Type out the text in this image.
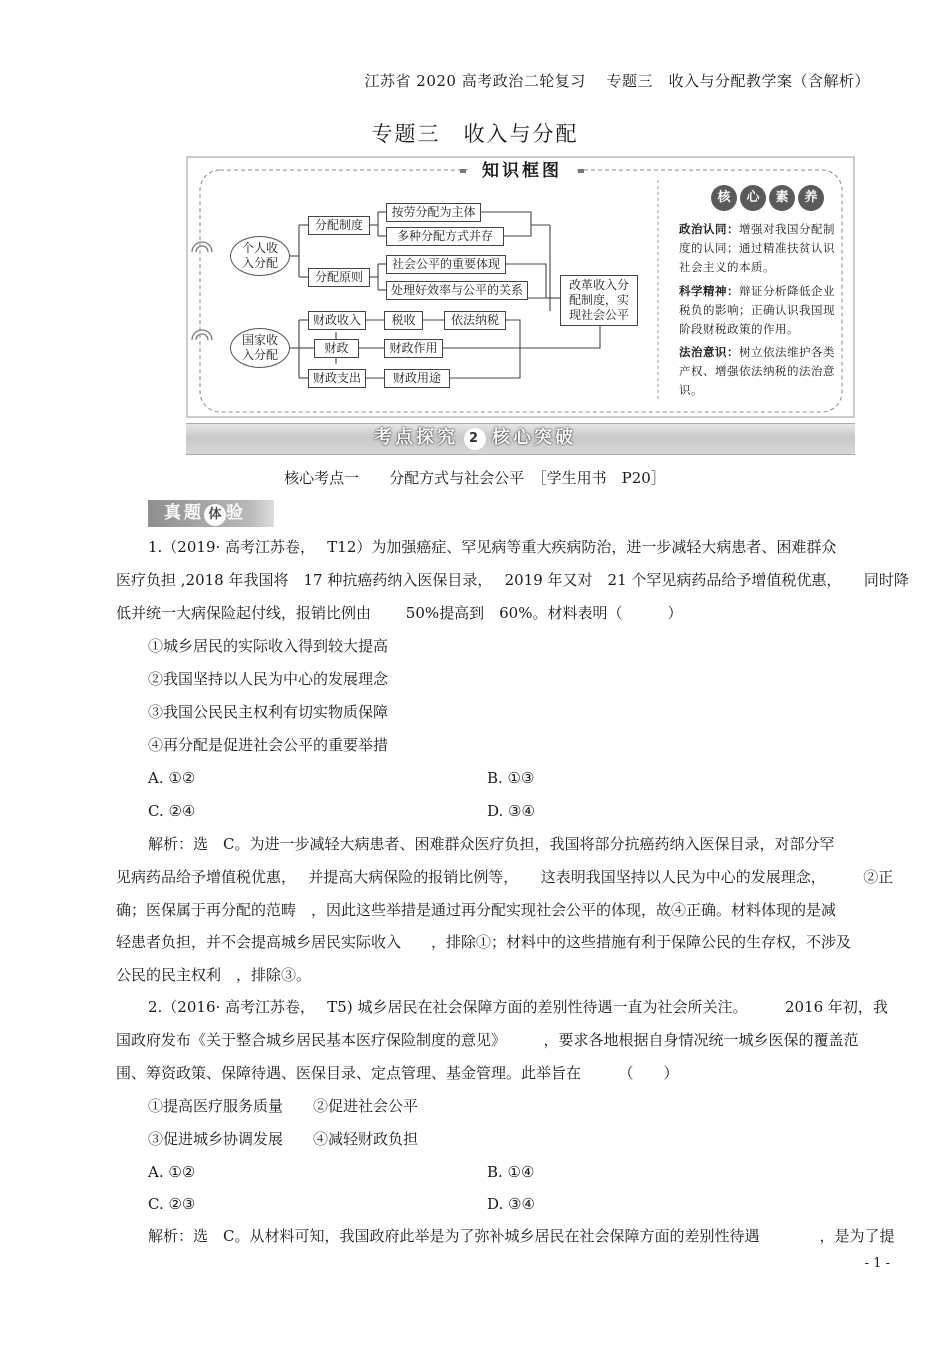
江苏省 2020 高考政治二轮复习　 专题三　收入与分配教学案（含解析）
专题三　收入与分配
知识框图
个人收入分配
国家收入分配
分配制度
分配原则
财政收入
财政
财政支出
按劳分配为主体
多种分配方式并存
社会公平的重要体现
处理好效率与公平的关系
税收	依法纳税
财政作用
财政用途
改革收入分配制度，实现社会公平
核	心	素	养
政治认同：增强对我国分配制度的认同；通过精准扶贫认识社会主义的本质。
科学精神：辩证分析降低企业税负的影响；正确认识我国现阶段财税政策的作用。
法治意识：树立依法维护各类产权、增强依法纳税的法治意识。
考点探究 2 核心突破
核心考点一　　分配方式与社会公平　［学生用书　P20］
真题 体 验
1.（2019· 高考江苏卷，　 T12）为加强癌症、罕见病等重大疾病防治，进一步减轻大病患者、困难群众
医疗负担 ,2018 年我国将　17 种抗癌药纳入医保目录，　 2019 年又对　21 个罕见病药品给予增值税优惠，　　同时降
低并统一大病保险起付线，报销比例由　　 50%提高到　60%。材料表明（　　　）
①城乡居民的实际收入得到较大提高
②我国坚持以人民为中心的发展理念
③我国公民民主权利有切实物质保障
④再分配是促进社会公平的重要举措
A. ①②	B. ①③
C. ②④	D. ③④
解析：选　C。为进一步减轻大病患者、困难群众医疗负担，我国将部分抗癌药纳入医保目录，对部分罕
见病药品给予增值税优惠，　 并提高大病保险的报销比例等，　　这表明我国坚持以人民为中心的发展理念，　　　②正
确；医保属于再分配的范畴　，因此这些举措是通过再分配实现社会公平的体现，故④正确。材料体现的是减
轻患者负担，并不会提高城乡居民实际收入　　，排除①；材料中的这些措施有利于保障公民的生存权，不涉及
公民的民主权利　，排除③。
2.（2016· 高考江苏卷，　 T5) 城乡居民在社会保障方面的差别性待遇一直为社会所关注。　　　2016 年初，我
国政府发布《关于整合城乡居民基本医疗保险制度的意见》　　　，要求各地根据自身情况统一城乡医保的覆盖范
围、筹资政策、保障待遇、医保目录、定点管理、基金管理。此举旨在　　　（　　）
①提高医疗服务质量　　②促进社会公平
③促进城乡协调发展　　④减轻财政负担
A. ①②	B. ①④
C. ②③	D. ③④
解析：选　C。从材料可知，我国政府此举是为了弥补城乡居民在社会保障方面的差别性待遇　　　　，是为了提
- 1 -
